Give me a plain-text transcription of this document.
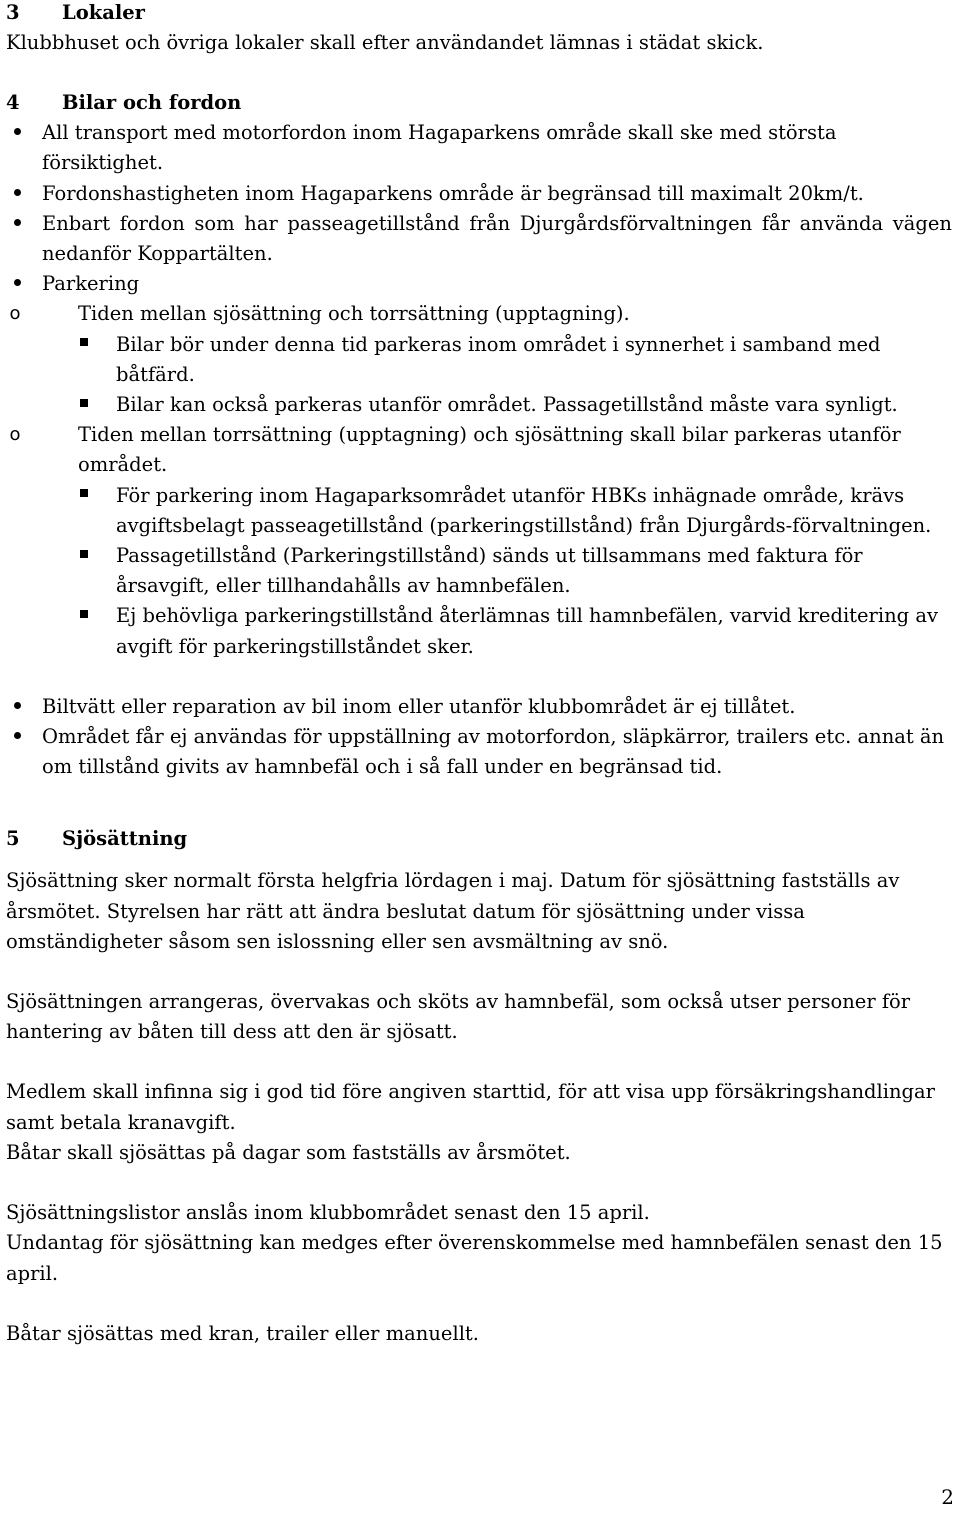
3	Lokaler

Klubbhuset och övriga lokaler skall efter användandet lämnas i städat skick.

4	Bilar och fordon
All transport med motorfordon inom Hagaparkens område skall ske med största försiktighet.
Fordonshastigheten inom Hagaparkens område är begränsad till maximalt 20km/t.
Enbart fordon som har passeagetillstånd från Djurgårdsförvaltningen får använda vägen nedanför Koppartälten.
Parkering
o	Tiden mellan sjösättning och torrsättning (upptagning).
Bilar bör under denna tid parkeras inom området i synnerhet i samband med båtfärd.
Bilar kan också parkeras utanför området. Passagetillstånd måste vara synligt.
o	Tiden mellan torrsättning (upptagning) och sjösättning skall bilar parkeras utanför området.
För parkering inom Hagaparksområdet utanför HBKs inhägnade område, krävs avgiftsbelagt passeagetillstånd (parkeringstillstånd) från Djurgårds-förvaltningen.
Passagetillstånd (Parkeringstillstånd) sänds ut tillsammans med faktura för årsavgift, eller tillhandahålls av hamnbefälen.
Ej behövliga parkeringstillstånd återlämnas till hamnbefälen, varvid kreditering av avgift för parkeringstillståndet sker.
Biltvätt eller reparation av bil inom eller utanför klubbområdet är ej tillåtet.
Området får ej användas för uppställning av motorfordon, släpkärror, trailers etc. annat än om tillstånd givits av hamnbefäl och i så fall under en begränsad tid.
5	Sjösättning

Sjösättning sker normalt första helgfria lördagen i maj. Datum för sjösättning fastställs av årsmötet. Styrelsen har rätt att ändra beslutat datum för sjösättning under vissa omständigheter såsom sen islossning eller sen avsmältning av snö.

Sjösättningen arrangeras, övervakas och sköts av hamnbefäl, som också utser personer för hantering av båten till dess att den är sjösatt.

Medlem skall infinna sig i god tid före angiven starttid, för att visa upp försäkringshandlingar samt betala kranavgift.

Båtar skall sjösättas på dagar som fastställs av årsmötet.

Sjösättningslistor anslås inom klubbområdet senast den 15 april.

Undantag för sjösättning kan medges efter överenskommelse med hamnbefälen senast den 15 april.

Båtar sjösättas med kran, trailer eller manuellt.

2
